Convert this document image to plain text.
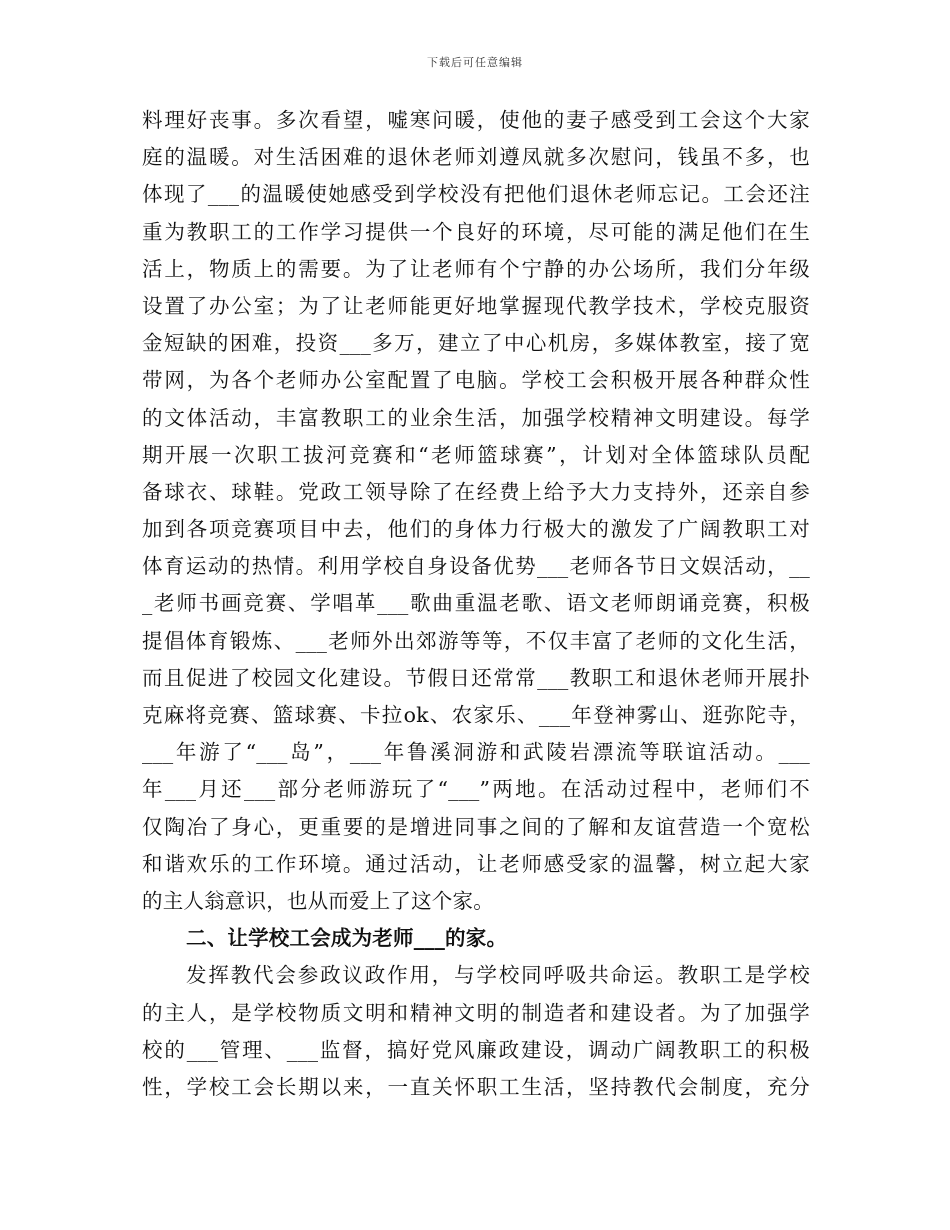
下载后可任意编辑
料理好丧事。多次看望，嘘寒问暖，使他的妻子感受到工会这个大家
庭的温暖。对生活困难的退休老师刘遵凤就多次慰问，钱虽不多，也
体现了___的温暖使她感受到学校没有把他们退休老师忘记。工会还注
重为教职工的工作学习提供一个良好的环境，尽可能的满足他们在生
活上，物质上的需要。为了让老师有个宁静的办公场所，我们分年级
设置了办公室；为了让老师能更好地掌握现代教学技术，学校克服资
金短缺的困难，投资___多万，建立了中心机房，多媒体教室，接了宽
带网，为各个老师办公室配置了电脑。学校工会积极开展各种群众性
的文体活动，丰富教职工的业余生活，加强学校精神文明建设。每学
期开展一次职工拔河竞赛和“老师篮球赛”，计划对全体篮球队员配
备球衣、球鞋。党政工领导除了在经费上给予大力支持外，还亲自参
加到各项竞赛项目中去，他们的身体力行极大的激发了广阔教职工对
体育运动的热情。利用学校自身设备优势___老师各节日文娱活动，__
_老师书画竞赛、学唱革___歌曲重温老歌、语文老师朗诵竞赛，积极
提倡体育锻炼、___老师外出郊游等等，不仅丰富了老师的文化生活，
而且促进了校园文化建设。节假日还常常___教职工和退休老师开展扑
克麻将竞赛、篮球赛、卡拉ok、农家乐、___年登神雾山、逛弥陀寺，
___年游了“___岛”，___年鲁溪洞游和武陵岩漂流等联谊活动。___
年___月还___部分老师游玩了“___”两地。在活动过程中，老师们不
仅陶冶了身心，更重要的是增进同事之间的了解和友谊营造一个宽松
和谐欢乐的工作环境。通过活动，让老师感受家的温馨，树立起大家
的主人翁意识，也从而爱上了这个家。
二、让学校工会成为老师___的家。
发挥教代会参政议政作用，与学校同呼吸共命运。教职工是学校
的主人，是学校物质文明和精神文明的制造者和建设者。为了加强学
校的___管理、___监督，搞好党风廉政建设，调动广阔教职工的积极
性，学校工会长期以来，一直关怀职工生活，坚持教代会制度，充分
